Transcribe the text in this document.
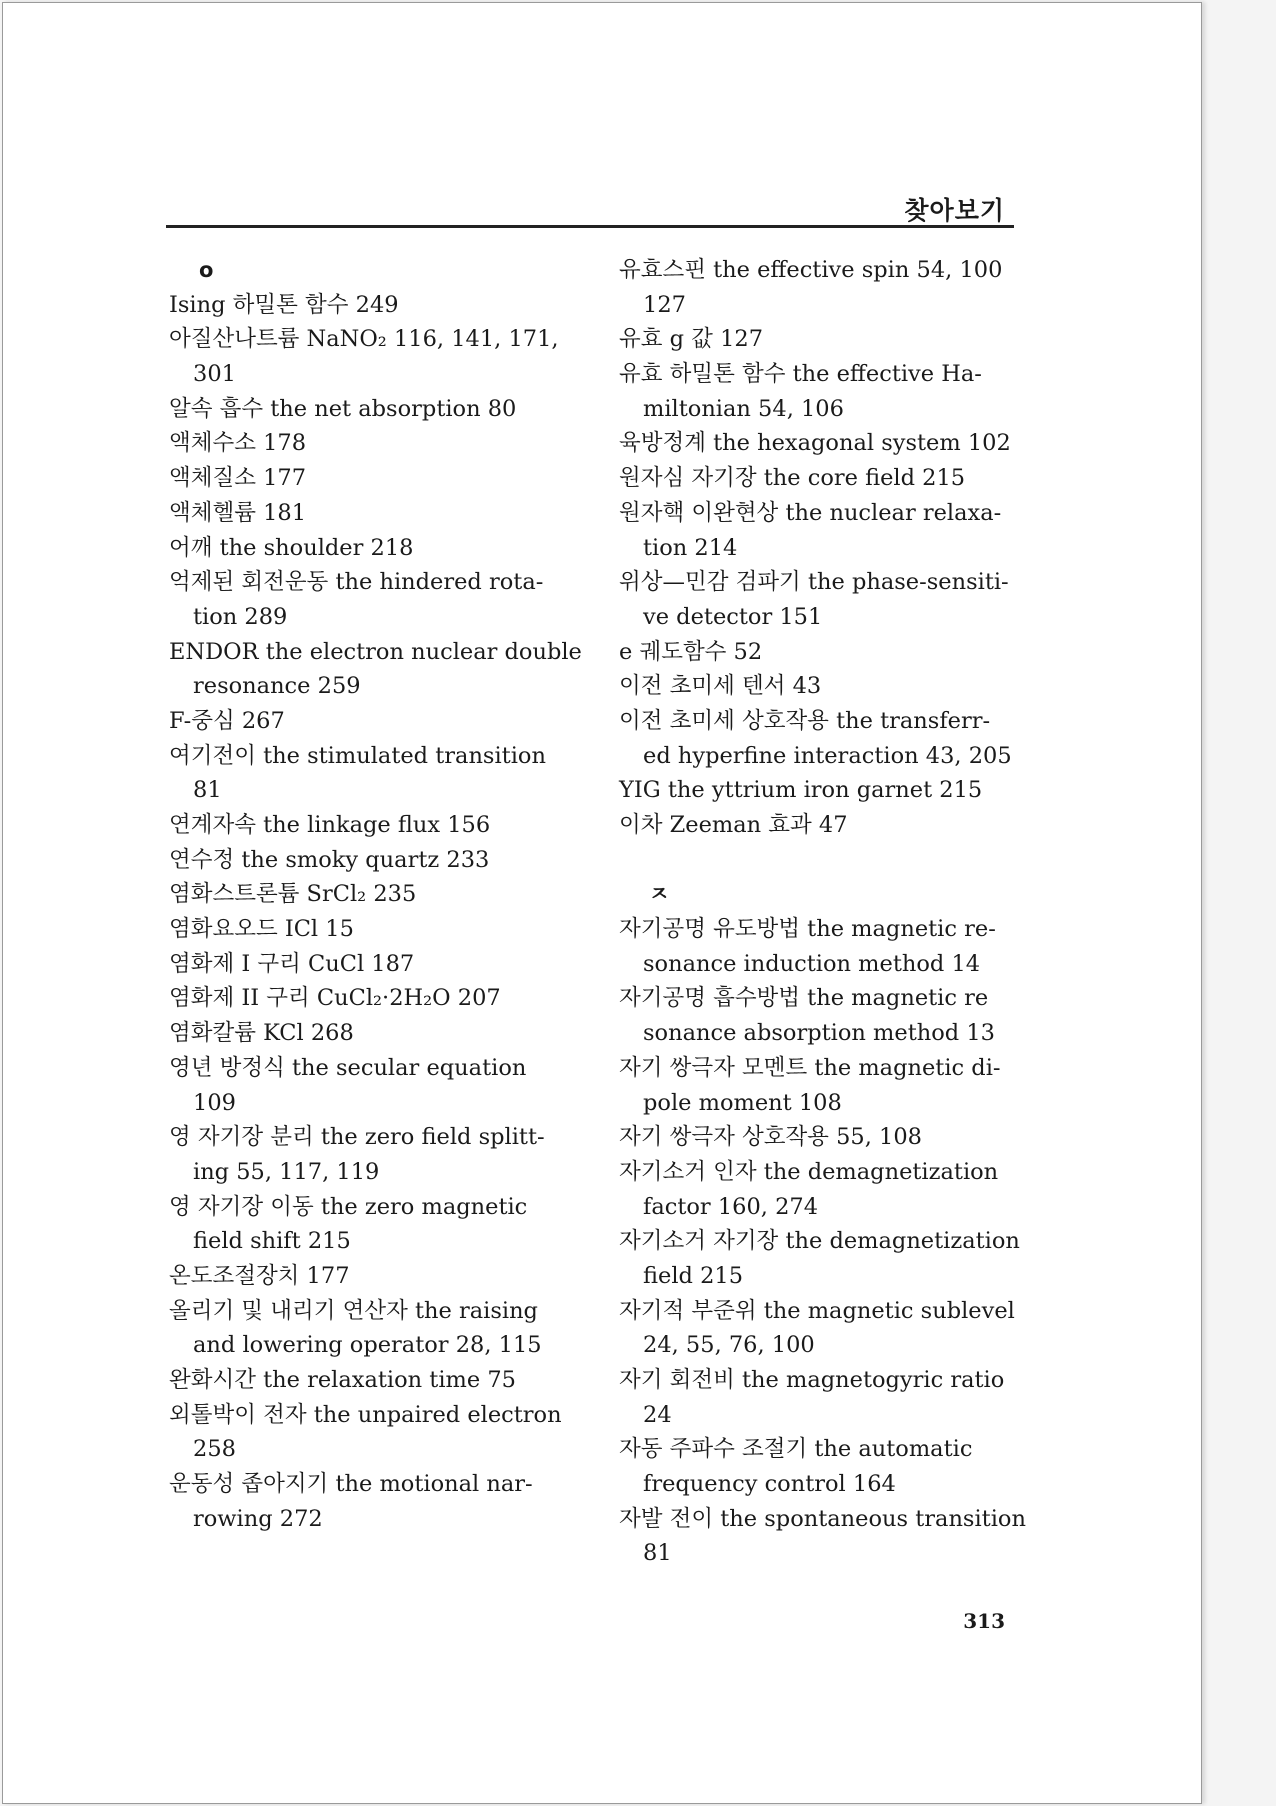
찾아보기
o
Ising 하밀톤 함수 249
아질산나트륨 NaNO₂ 116, 141, 171,
301
알속 흡수 the net absorption 80
액체수소 178
액체질소 177
액체헬륨 181
어깨 the shoulder 218
억제된 회전운동 the hindered rota-
tion 289
ENDOR the electron nuclear double
resonance 259
F-중심 267
여기전이 the stimulated transition
81
연계자속 the linkage flux 156
연수정 the smoky quartz 233
염화스트론튬 SrCl₂ 235
염화요오드 ICl 15
염화제 I 구리 CuCl 187
염화제 II 구리 CuCl₂·2H₂O 207
염화칼륨 KCl 268
영년 방정식 the secular equation
109
영 자기장 분리 the zero field splitt-
ing 55, 117, 119
영 자기장 이동 the zero magnetic
field shift 215
온도조절장치 177
올리기 및 내리기 연산자 the raising
and lowering operator 28, 115
완화시간 the relaxation time 75
외톨박이 전자 the unpaired electron
258
운동성 좁아지기 the motional nar-
rowing 272
유효스핀 the effective spin 54, 100
127
유효 g 값 127
유효 하밀톤 함수 the effective Ha-
miltonian 54, 106
육방정계 the hexagonal system 102
원자심 자기장 the core field 215
원자핵 이완현상 the nuclear relaxa-
tion 214
위상—민감 검파기 the phase-sensiti-
ve detector 151
e 궤도함수 52
이전 초미세 텐서 43
이전 초미세 상호작용 the transferr-
ed hyperfine interaction 43, 205
YIG the yttrium iron garnet 215
이차 Zeeman 효과 47
ㅈ
자기공명 유도방법 the magnetic re-
sonance induction method 14
자기공명 흡수방법 the magnetic re
sonance absorption method 13
자기 쌍극자 모멘트 the magnetic di-
pole moment 108
자기 쌍극자 상호작용 55, 108
자기소거 인자 the demagnetization
factor 160, 274
자기소거 자기장 the demagnetization
field 215
자기적 부준위 the magnetic sublevel
24, 55, 76, 100
자기 회전비 the magnetogyric ratio
24
자동 주파수 조절기 the automatic
frequency control 164
자발 전이 the spontaneous transition
81
313
